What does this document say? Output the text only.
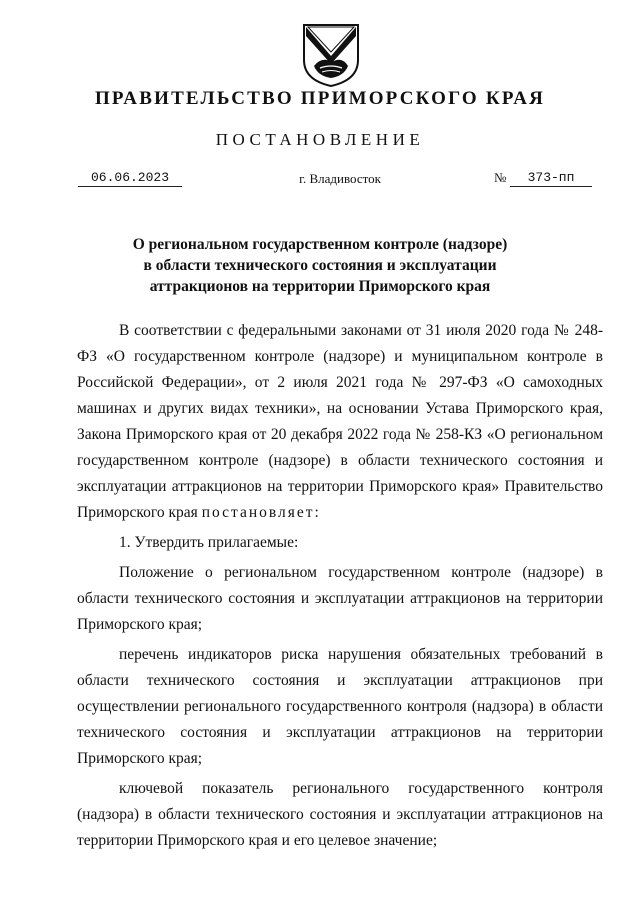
ПРАВИТЕЛЬСТВО ПРИМОРСКОГО КРАЯ
ПОСТАНОВЛЕНИЕ
06.06.2023	г. Владивосток	№	373-пп
О региональном государственном контроле (надзоре)
в области технического состояния и эксплуатации
аттракционов на территории Приморского края

В соответствии с федеральными законами от 31 июля 2020 года № 248-ФЗ «О государственном контроле (надзоре) и муниципальном контроле в Российской Федерации», от 2 июля 2021 года № 297-ФЗ «О самоходных машинах и других видах техники», на основании Устава Приморского края, Закона Приморского края от 20 декабря 2022 года № 258-КЗ «О региональном государственном контроле (надзоре) в области технического состояния и эксплуатации аттракционов на территории Приморского края» Правительство Приморского края постановляет:

1. Утвердить прилагаемые:

Положение о региональном государственном контроле (надзоре) в области технического состояния и эксплуатации аттракционов на территории Приморского края;

перечень индикаторов риска нарушения обязательных требований в области технического состояния и эксплуатации аттракционов при осуществлении регионального государственного контроля (надзора) в области технического состояния и эксплуатации аттракционов на территории Приморского края;

ключевой показатель регионального государственного контроля (надзора) в области технического состояния и эксплуатации аттракционов на территории Приморского края и его целевое значение;
